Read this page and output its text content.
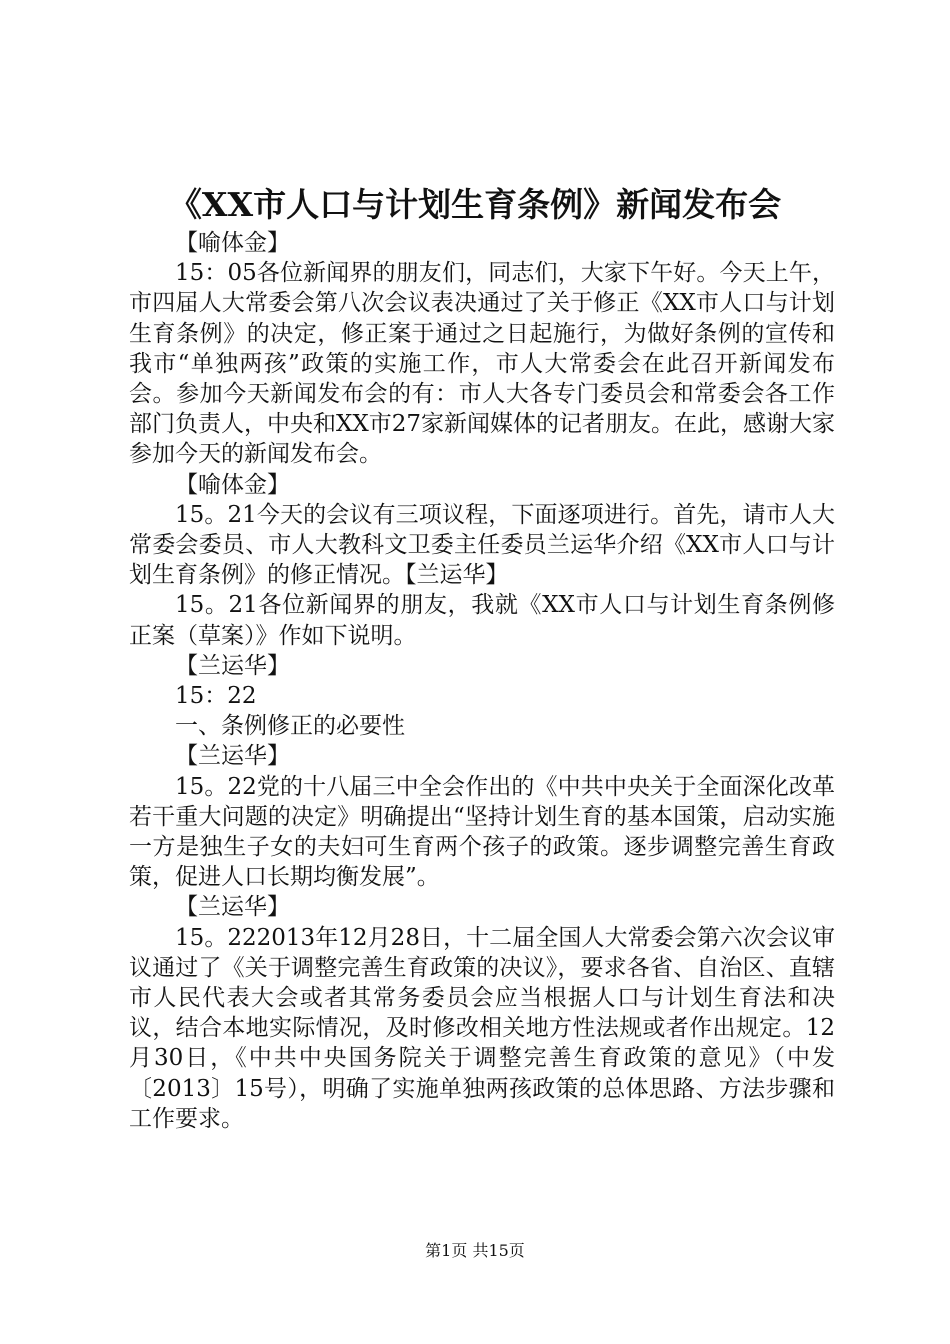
《XX市人口与计划生育条例》新闻发布会

【喻体金】

15：05各位新闻界的朋友们，同志们，大家下午好。今天上午，市四届人大常委会第八次会议表决通过了关于修正《XX市人口与计划生育条例》的决定，修正案于通过之日起施行，为做好条例的宣传和我市“单独两孩”政策的实施工作，市人大常委会在此召开新闻发布会。参加今天新闻发布会的有：市人大各专门委员会和常委会各工作部门负责人，中央和XX市27家新闻媒体的记者朋友。在此，感谢大家参加今天的新闻发布会。

【喻体金】

15。21今天的会议有三项议程，下面逐项进行。首先，请市人大常委会委员、市人大教科文卫委主任委员兰运华介绍《XX市人口与计划生育条例》的修正情况。【兰运华】

15。21各位新闻界的朋友，我就《XX市人口与计划生育条例修正案（草案）》作如下说明。

【兰运华】

15：22

一、条例修正的必要性

【兰运华】

15。22党的十八届三中全会作出的《中共中央关于全面深化改革若干重大问题的决定》明确提出“坚持计划生育的基本国策，启动实施一方是独生子女的夫妇可生育两个孩子的政策。逐步调整完善生育政策，促进人口长期均衡发展”。

【兰运华】

15。222013年12月28日，十二届全国人大常委会第六次会议审议通过了《关于调整完善生育政策的决议》，要求各省、自治区、直辖市人民代表大会或者其常务委员会应当根据人口与计划生育法和决议，结合本地实际情况，及时修改相关地方性法规或者作出规定。12月30日，《中共中央国务院关于调整完善生育政策的意见》（中发〔2013〕15号），明确了实施单独两孩政策的总体思路、方法步骤和工作要求。

第1页 共15页
